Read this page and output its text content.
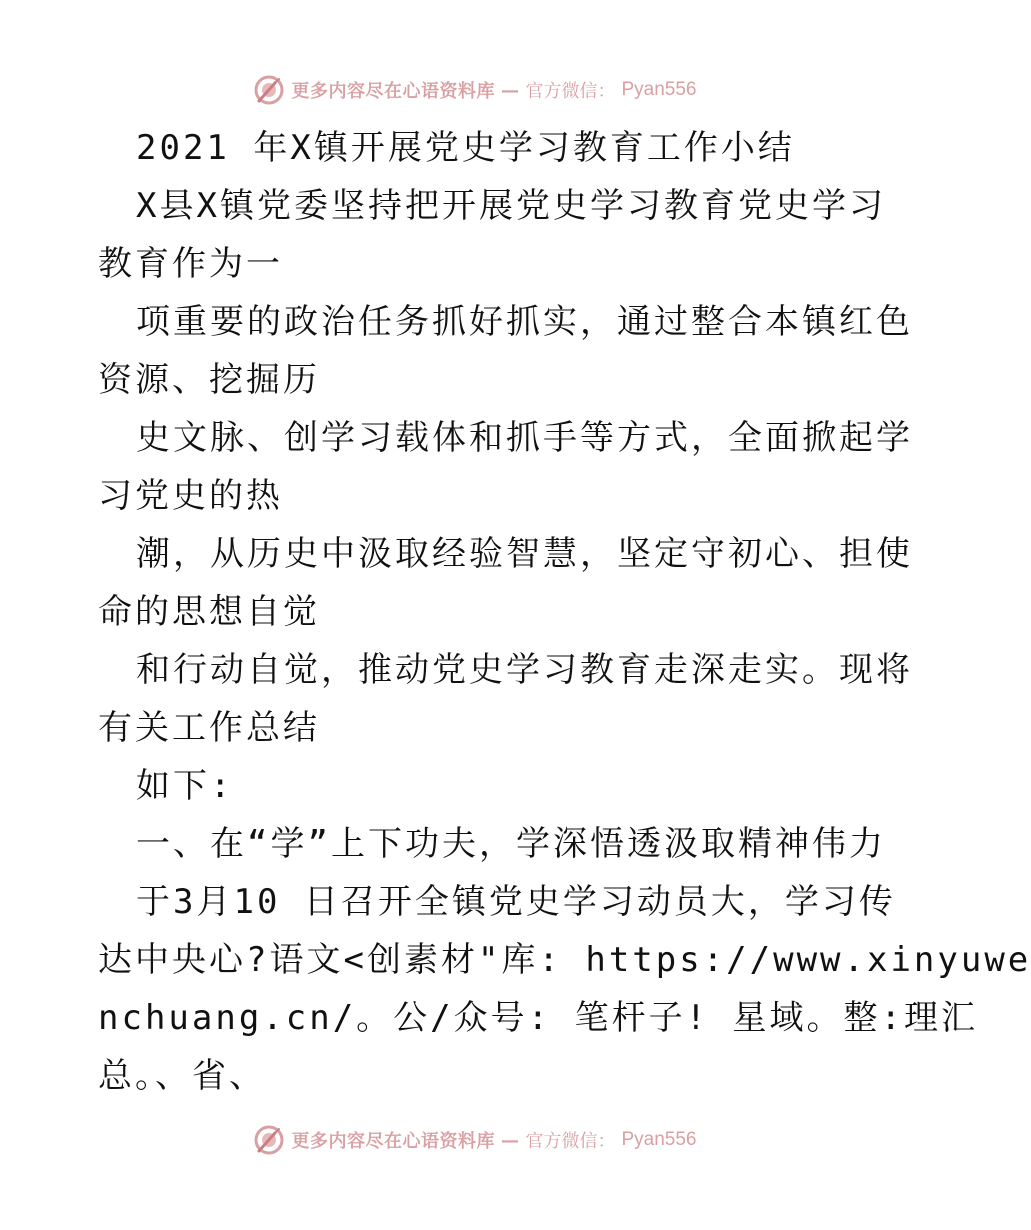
更多内容尽在心语资料库 — 官方微信： Pyan556
2021 年X镇开展党史学习教育工作小结
X县X镇党委坚持把开展党史学习教育党史学习
教育作为一
项重要的政治任务抓好抓实，通过整合本镇红色
资源、挖掘历
史文脉、创学习载体和抓手等方式，全面掀起学
习党史的热
潮，从历史中汲取经验智慧，坚定守初心、担使
命的思想自觉
和行动自觉，推动党史学习教育走深走实。现将
有关工作总结
如下:
一、在“学”上下功夫，学深悟透汲取精神伟力
于3月10 日召开全镇党史学习动员大，学习传
达中央心?语文<创素材"库: https://www.xinyuwe
nchuang.cn/。公/众号: 笔杆子! 星域。整:理汇
总。、省、
更多内容尽在心语资料库 — 官方微信： Pyan556
